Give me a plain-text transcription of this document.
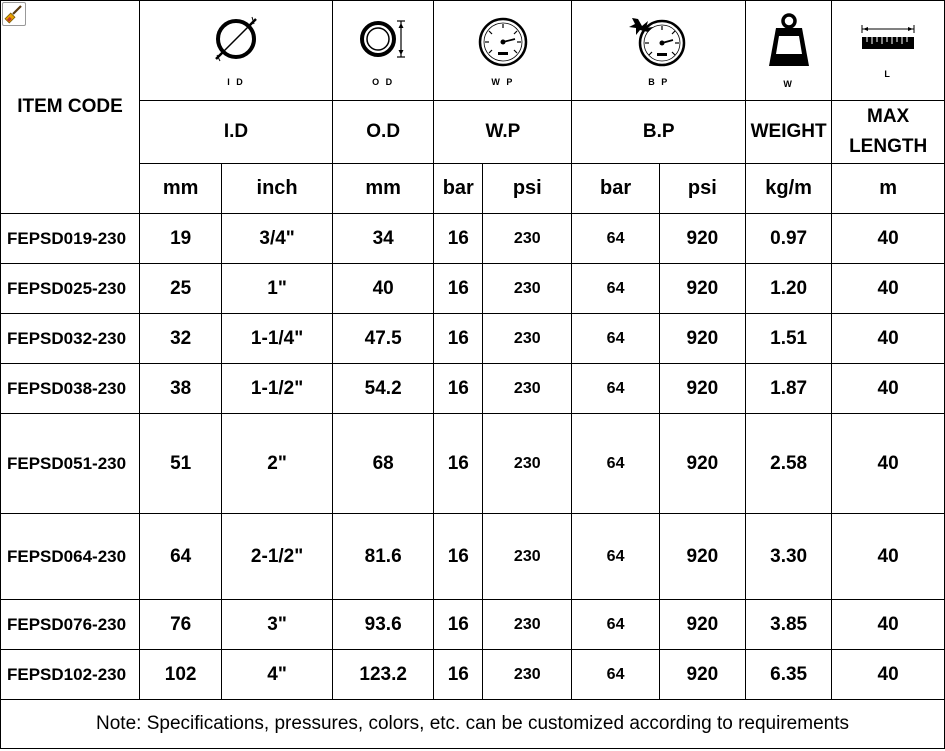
ITEM CODE	I D		O D	W P		B P		W	L

	I.D		O.D	W.P		B.P		WEIGHT	MAX LENGTH
	mm	inch	mm	bar	psi	bar	psi	kg/m	m
FEPSD019-230	19	3/4"	34	16	230	64	920	0.97	40
FEPSD025-230	25	1"	40	16	230	64	920	1.20	40
FEPSD032-230	32	1-1/4"	47.5	16	230	64	920	1.51	40
FEPSD038-230	38	1-1/2"	54.2	16	230	64	920	1.87	40
FEPSD051-230	51	2"	68	16	230	64	920	2.58	40
FEPSD064-230	64	2-1/2"	81.6	16	230	64	920	3.30	40
FEPSD076-230	76	3"	93.6	16	230	64	920	3.85	40
FEPSD102-230	102	4"	123.2	16	230	64	920	6.35	40
Note: Specifications, pressures, colors, etc. can be customized according to requirements									
